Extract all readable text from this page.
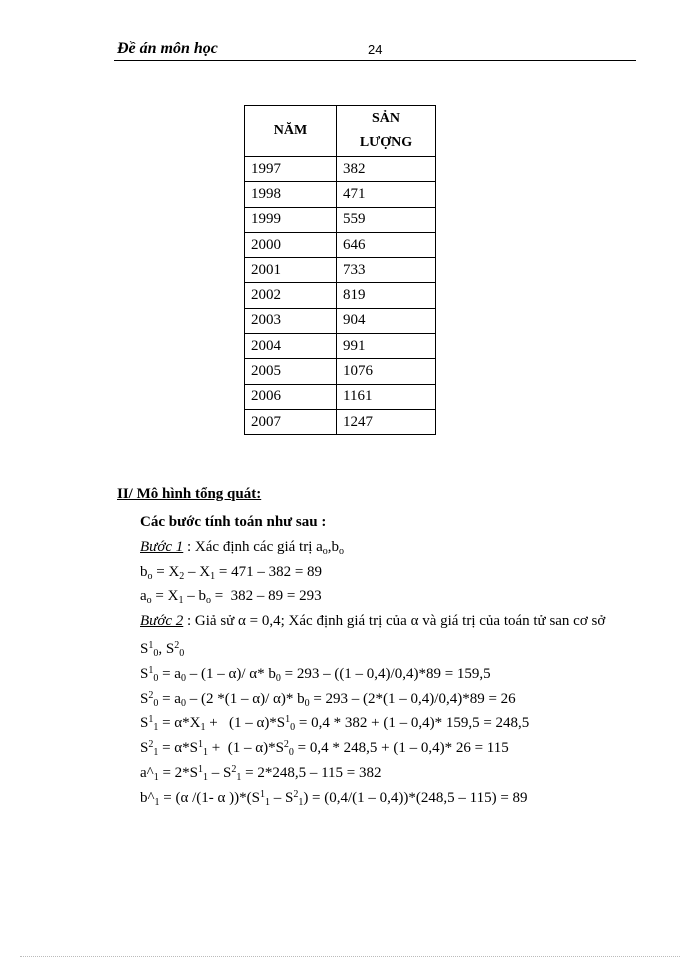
Đề án môn học	24
NĂM	SẢN
LƯỢNG
1997	382
1998	471
1999	559
2000	646
2001	733
2002	819
2003	904
2004	991
2005	1076
2006	1161
2007	1247
II/ Mô hình tổng quát:
Các bước tính toán như sau :
Bước 1 : Xác định các giá trị $a_o,b_o$
$b_o = X_2 - X_1 = 471 - 382 = 89$
$a_o = X_1 - b_o = 382 - 89 = 293$
Bước 2 : Giả sử α = 0,4; Xác định giá trị của α và giá trị của toán tử san cơ sở
$S^1_0$, $S^2_0$
$S^1_0 = a_0 - (1 - \alpha)/$ α* $b_0 = 293 - ((1 - 0,4)/0,4)*89 = 159,5$
$S^2_0 = a_0 - (2$ *(1 – α)/ α)* $b_0 = 293 - (2*(1 - 0,4)/0,4)*89 = 26$
$S^1_1 = \alpha*X_1 + (1 - \alpha)*S^1_0 = 0,4 * 382 + (1 - 0,4)*$ 159,5 = 248,5
$S^2_1 = \alpha*S^1_1 + (1 - \alpha)*S^2_0 = 0,4 * 248,5 + (1 - 0,4)*$ 26 = 115
$a\^{}_1 = 2*S^1_1 - S^2_1 = 2*248,5 - 115 = 382$
$b\^{}_1 = (\alpha$ /(1- α ))$*(S^1_1 - S^2_1) = (0,4/(1 - 0,4))*(248,5 - 115) = 89$
